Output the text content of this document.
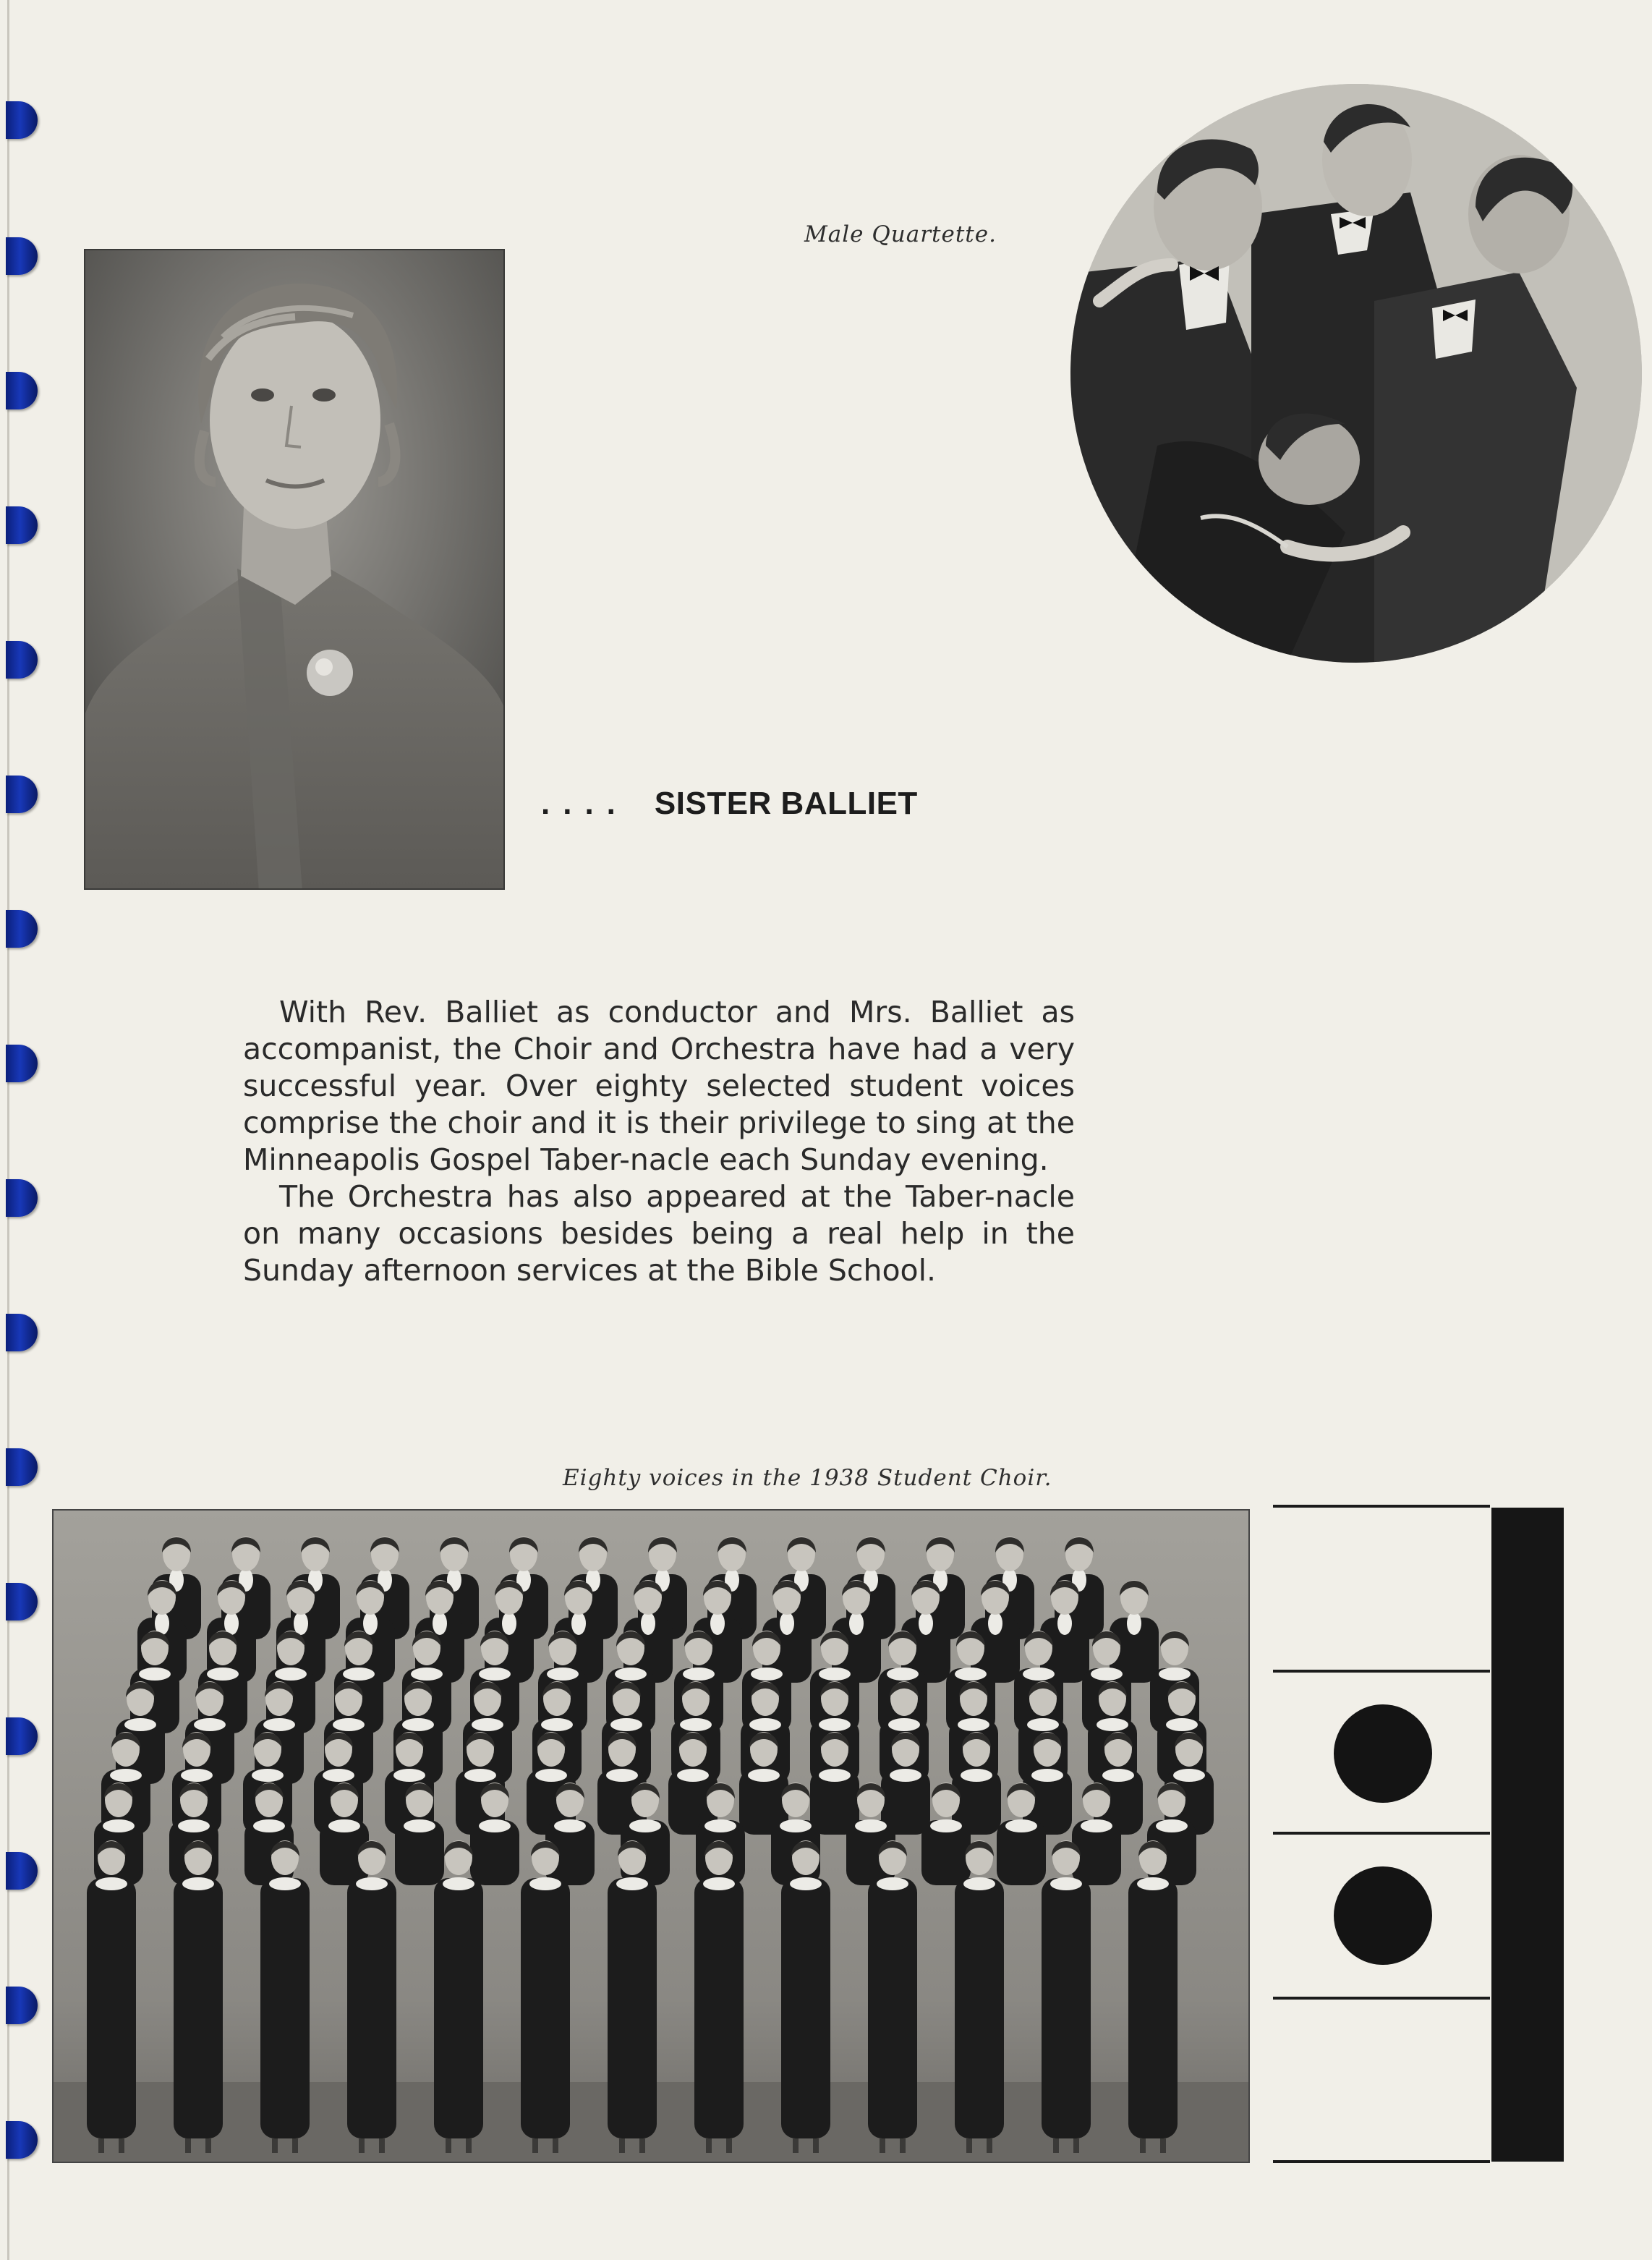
Male Quartette.
.... SISTER BALLIET

With Rev. Balliet as conductor and Mrs. Balliet as accompanist, the Choir and Orchestra have had a very successful year. Over eighty selected student voices comprise the choir and it is their privilege to sing at the Minneapolis Gospel Taber-nacle each Sunday evening.

The Orchestra has also appeared at the Taber-nacle on many occasions besides being a real help in the Sunday afternoon services at the Bible School.

Eighty voices in the 1938 Student Choir.
